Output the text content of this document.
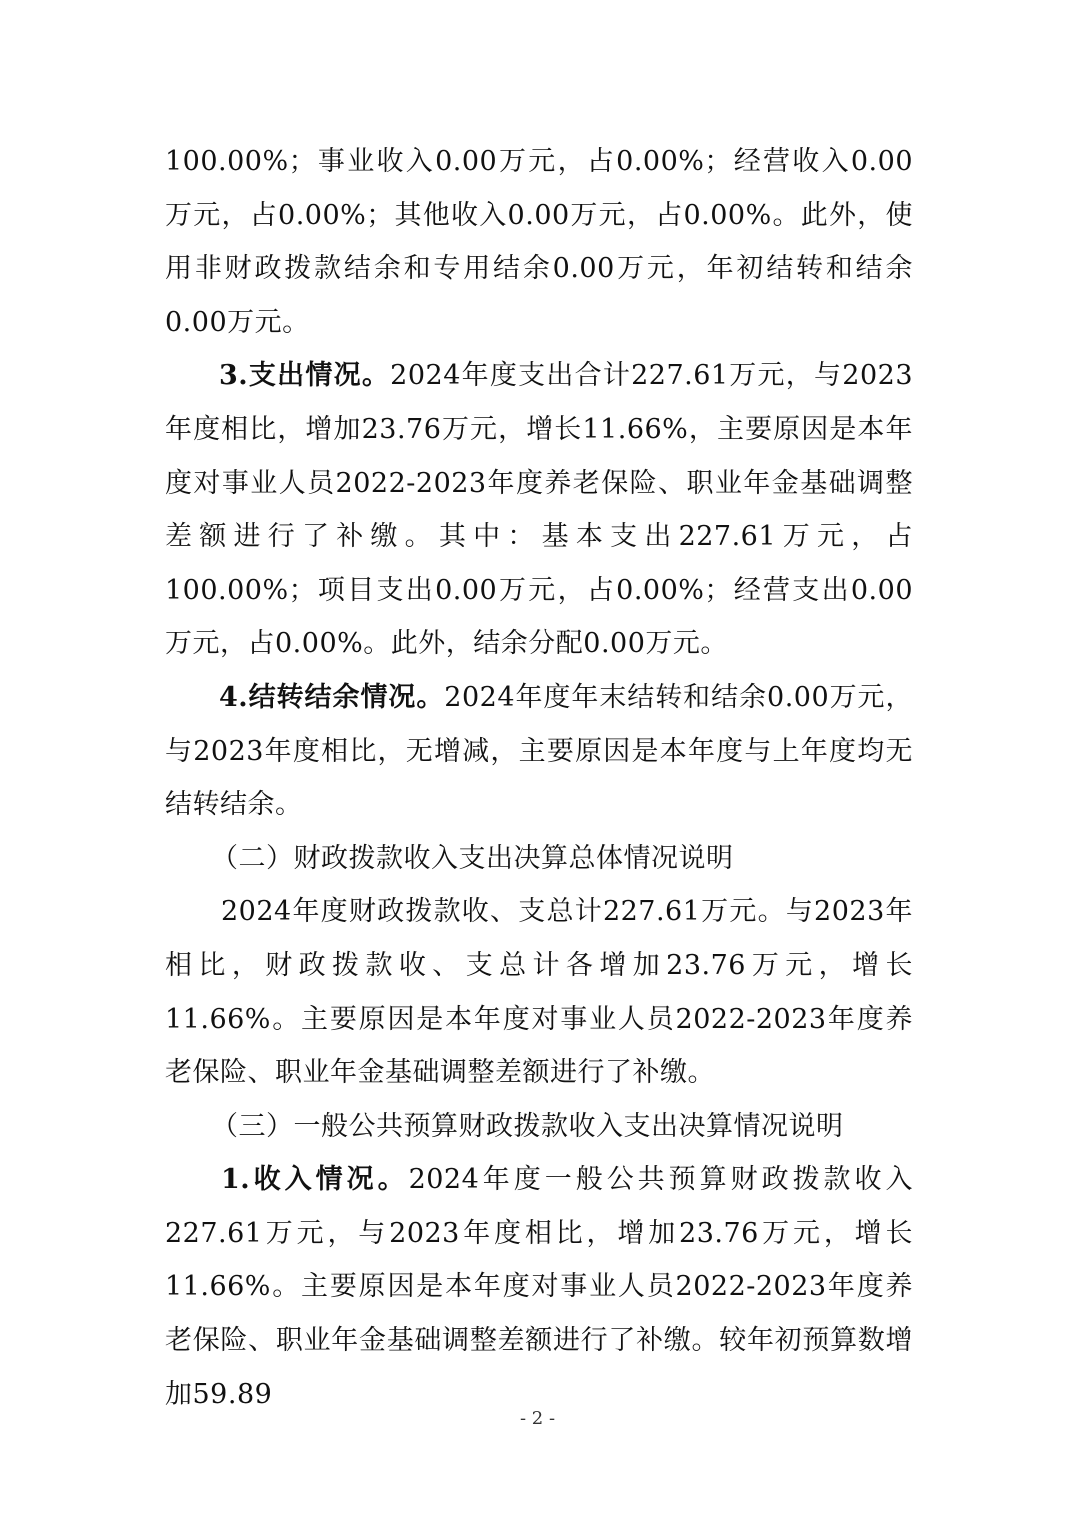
100.00%；事业收入0.00万元，占0.00%；经营收入0.00万元，占0.00%；其他收入0.00万元，占0.00%。此外，使用非财政拨款结余和专用结余0.00万元，年初结转和结余0.00万元。

3.支出情况。2024年度支出合计227.61万元，与2023年度相比，增加23.76万元，增长11.66%，主要原因是本年度对事业人员2022-2023年度养老保险、职业年金基础调整差额进行了补缴。其中：基本支出227.61万元，占100.00%；项目支出0.00万元，占0.00%；经营支出0.00万元，占0.00%。此外，结余分配0.00万元。

4.结转结余情况。2024年度年末结转和结余0.00万元，与2023年度相比，无增减，主要原因是本年度与上年度均无结转结余。

（二）财政拨款收入支出决算总体情况说明

2024年度财政拨款收、支总计227.61万元。与2023年相比，财政拨款收、支总计各增加23.76万元，增长11.66%。主要原因是本年度对事业人员2022-2023年度养老保险、职业年金基础调整差额进行了补缴。

（三）一般公共预算财政拨款收入支出决算情况说明

1.收入情况。2024年度一般公共预算财政拨款收入227.61万元，与2023年度相比，增加23.76万元，增长11.66%。主要原因是本年度对事业人员2022-2023年度养老保险、职业年金基础调整差额进行了补缴。较年初预算数增加59.89

- 2 -
